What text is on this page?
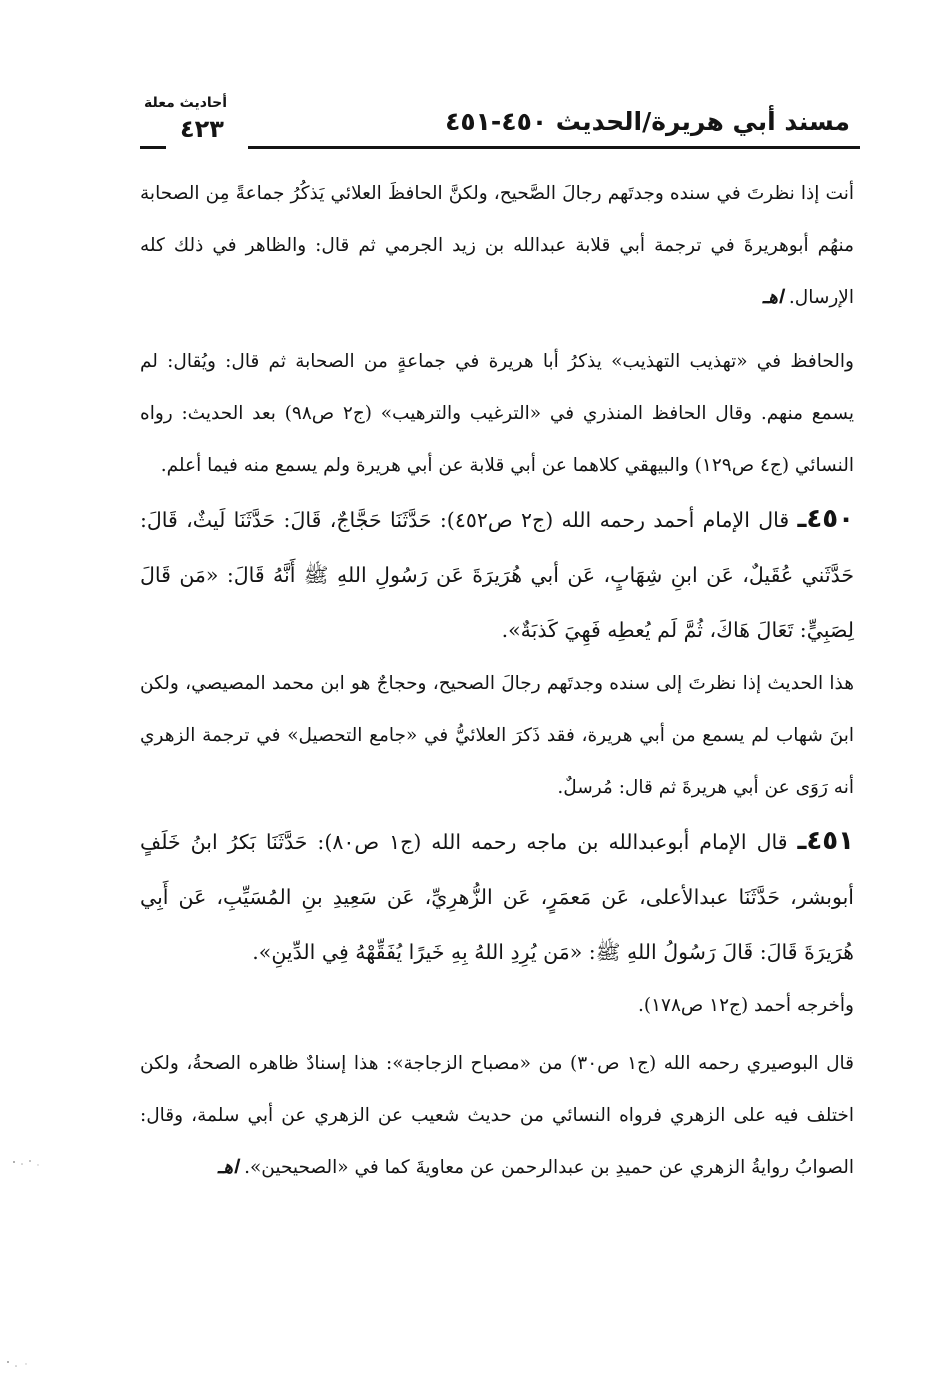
أحاديث معلة
٤٢٣	مسند أبي هريرة/الحديث ٤٥٠-٤٥١

أنت إذا نظرتَ في سنده وجدتَهم رجالَ الصَّحيح، ولكنَّ الحافظَ العلائي يَذكُرُ جماعةً مِن الصحابة منهُم أبوهريرةَ في ترجمة أبي قلابة عبدالله بن زيد الجرمي ثم قال: والظاهر في ذلك كله الإرسال. اهـ

والحافظ في «تهذيب التهذيب» يذكرُ أبا هريرة في جماعةٍ من الصحابة ثم قال: ويُقال: لم يسمع منهم. وقال الحافظ المنذري في «الترغيب والترهيب» (ج٢ ص٩٨) بعد الحديث: رواه النسائي (ج٤ ص١٢٩) والبيهقي كلاهما عن أبي قلابة عن أبي هريرة ولم يسمع منه فيما أعلم.

٤٥٠ـ قال الإمام أحمد رحمه الله (ج٢ ص٤٥٢): حَدَّثَنَا حَجَّاجٌ، قَالَ: حَدَّثَنَا لَيثٌ، قَالَ: حَدَّثَني عُقَيلٌ، عَن ابنِ شِهَابٍ، عَن أبي هُرَيرَةَ عَن رَسُولِ اللهِ ﷺ أَنَّهُ قَالَ: «مَن قَالَ لِصَبِيٍّ: تَعَالَ هَاكَ، ثُمَّ لَم يُعطِه فَهِيَ كَذبَةٌ».

هذا الحديث إذا نظرتَ إلى سنده وجدتَهم رجالَ الصحيح، وحجاجٌ هو ابن محمد المصيصي، ولكن ابنَ شهاب لم يسمع من أبي هريرة، فقد ذَكرَ العلائيُّ في «جامع التحصيل» في ترجمة الزهري أنه رَوَى عن أبي هريرةَ ثم قال: مُرسلٌ.

٤٥١ـ قال الإمام أبوعبدالله بن ماجه رحمه الله (ج١ ص٨٠): حَدَّثَنَا بَكرُ ابنُ خَلَفٍ أبوبشر، حَدَّثَنَا عبدالأعلى، عَن مَعمَرٍ، عَن الزُّهرِيِّ، عَن سَعِيدِ بنِ المُسَيِّبِ، عَن أَبِي هُرَيرَةَ قَالَ: قَالَ رَسُولُ اللهِ ﷺ: «مَن يُرِدِ اللهُ بِهِ خَيرًا يُفَقِّهْهُ فِي الدِّينِ».

وأخرجه أحمد (ج١٢ ص١٧٨).

قال البوصيري رحمه الله (ج١ ص٣٠) من «مصباح الزجاجة»: هذا إسنادٌ ظاهره الصحةُ، ولكن اختلف فيه على الزهري فرواه النسائي من حديث شعيب عن الزهري عن أبي سلمة، وقال: الصوابُ روايةُ الزهري عن حميدِ بن عبدالرحمن عن معاويةَ كما في «الصحيحين». اهـ
